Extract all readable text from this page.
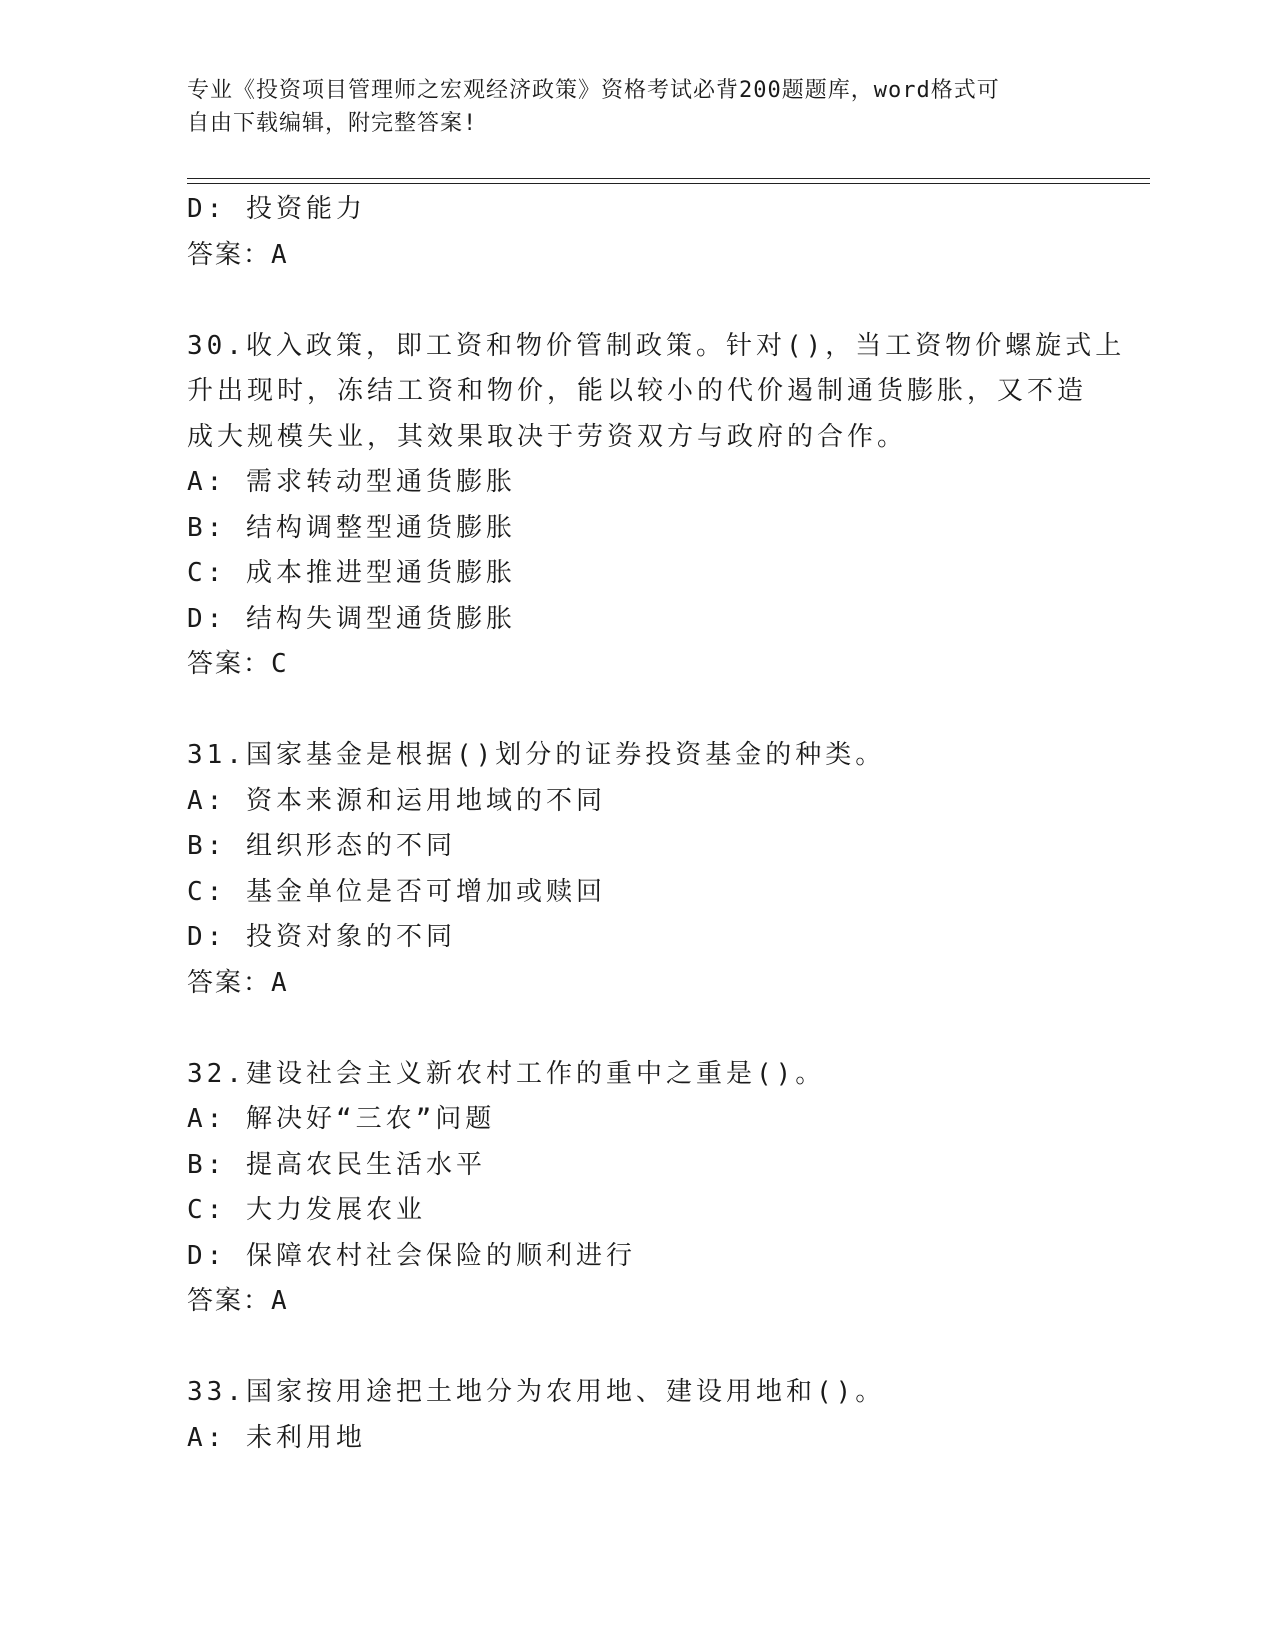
专业《投资项目管理师之宏观经济政策》资格考试必背200题题库，word格式可
自由下载编辑，附完整答案!
D: 投资能力
答案：A
30.收入政策，即工资和物价管制政策。针对()，当工资物价螺旋式上
升出现时，冻结工资和物价，能以较小的代价遏制通货膨胀，又不造
成大规模失业，其效果取决于劳资双方与政府的合作。
A: 需求转动型通货膨胀
B: 结构调整型通货膨胀
C: 成本推进型通货膨胀
D: 结构失调型通货膨胀
答案：C
31.国家基金是根据()划分的证券投资基金的种类。
A: 资本来源和运用地域的不同
B: 组织形态的不同
C: 基金单位是否可增加或赎回
D: 投资对象的不同
答案：A
32.建设社会主义新农村工作的重中之重是()。
A: 解决好“三农”问题
B: 提高农民生活水平
C: 大力发展农业
D: 保障农村社会保险的顺利进行
答案：A
33.国家按用途把土地分为农用地、建设用地和()。
A: 未利用地
